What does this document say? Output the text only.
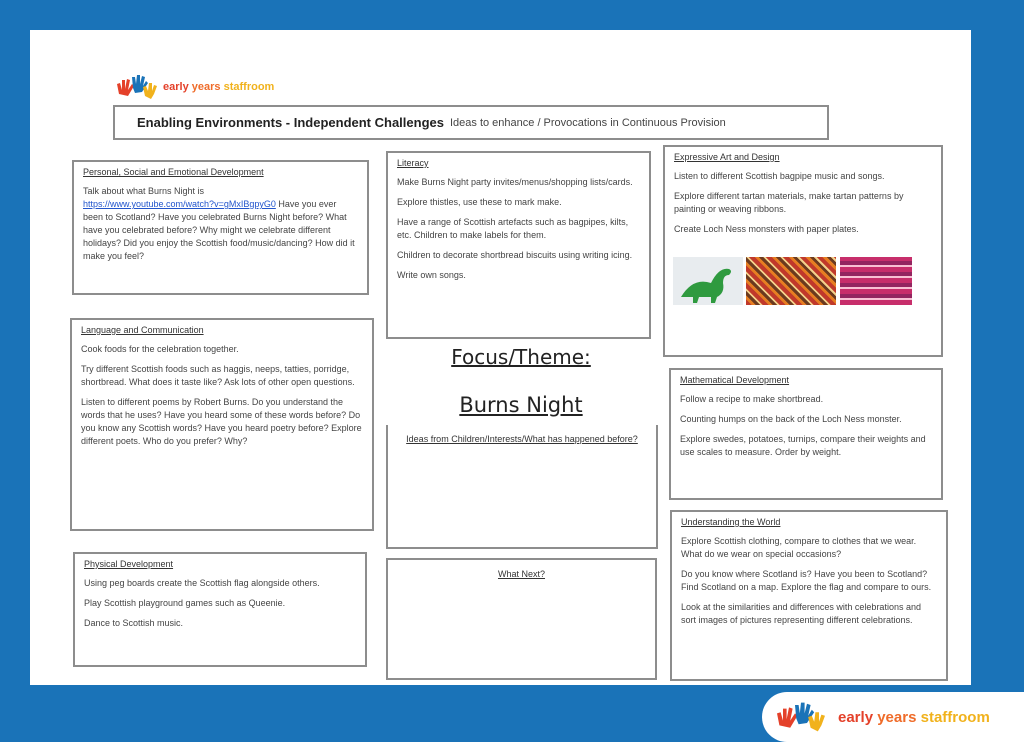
early years staffroom
Enabling Environments - Independent Challenges Ideas to enhance / Provocations in Continuous Provision
Personal, Social and Emotional Development

Talk about what Burns Night is
https://www.youtube.com/watch?v=gMxIBgpyG0 Have you ever been to Scotland? Have you celebrated Burns Night before? What have you celebrated before? Why might we celebrate different holidays? Did you enjoy the Scottish food/music/dancing? How did it make you feel?

Literacy

Make Burns Night party invites/menus/shopping lists/cards.

Explore thistles, use these to mark make.

Have a range of Scottish artefacts such as bagpipes, kilts, etc. Children to make labels for them.

Children to decorate shortbread biscuits using writing icing.

Write own songs.

Expressive Art and Design

Listen to different Scottish bagpipe music and songs.

Explore different tartan materials, make tartan patterns by painting or weaving ribbons.

Create Loch Ness monsters with paper plates.

Language and Communication

Cook foods for the celebration together.

Try different Scottish foods such as haggis, neeps, tatties, porridge, shortbread. What does it taste like? Ask lots of other open questions.

Listen to different poems by Robert Burns. Do you understand the words that he uses? Have you heard some of these words before? Do you know any Scottish words? Have you heard poetry before? Explore different poets. Who do you prefer? Why?

Focus/Theme:
Burns Night
Ideas from Children/Interests/What has happened before?
Mathematical Development

Follow a recipe to make shortbread.

Counting humps on the back of the Loch Ness monster.

Explore swedes, potatoes, turnips, compare their weights and use scales to measure. Order by weight.

Physical Development

Using peg boards create the Scottish flag alongside others.

Play Scottish playground games such as Queenie.

Dance to Scottish music.

What Next?
Understanding the World

Explore Scottish clothing, compare to clothes that we wear. What do we wear on special occasions?

Do you know where Scotland is? Have you been to Scotland? Find Scotland on a map. Explore the flag and compare to ours.

Look at the similarities and differences with celebrations and sort images of pictures representing different celebrations.

early years staffroom
